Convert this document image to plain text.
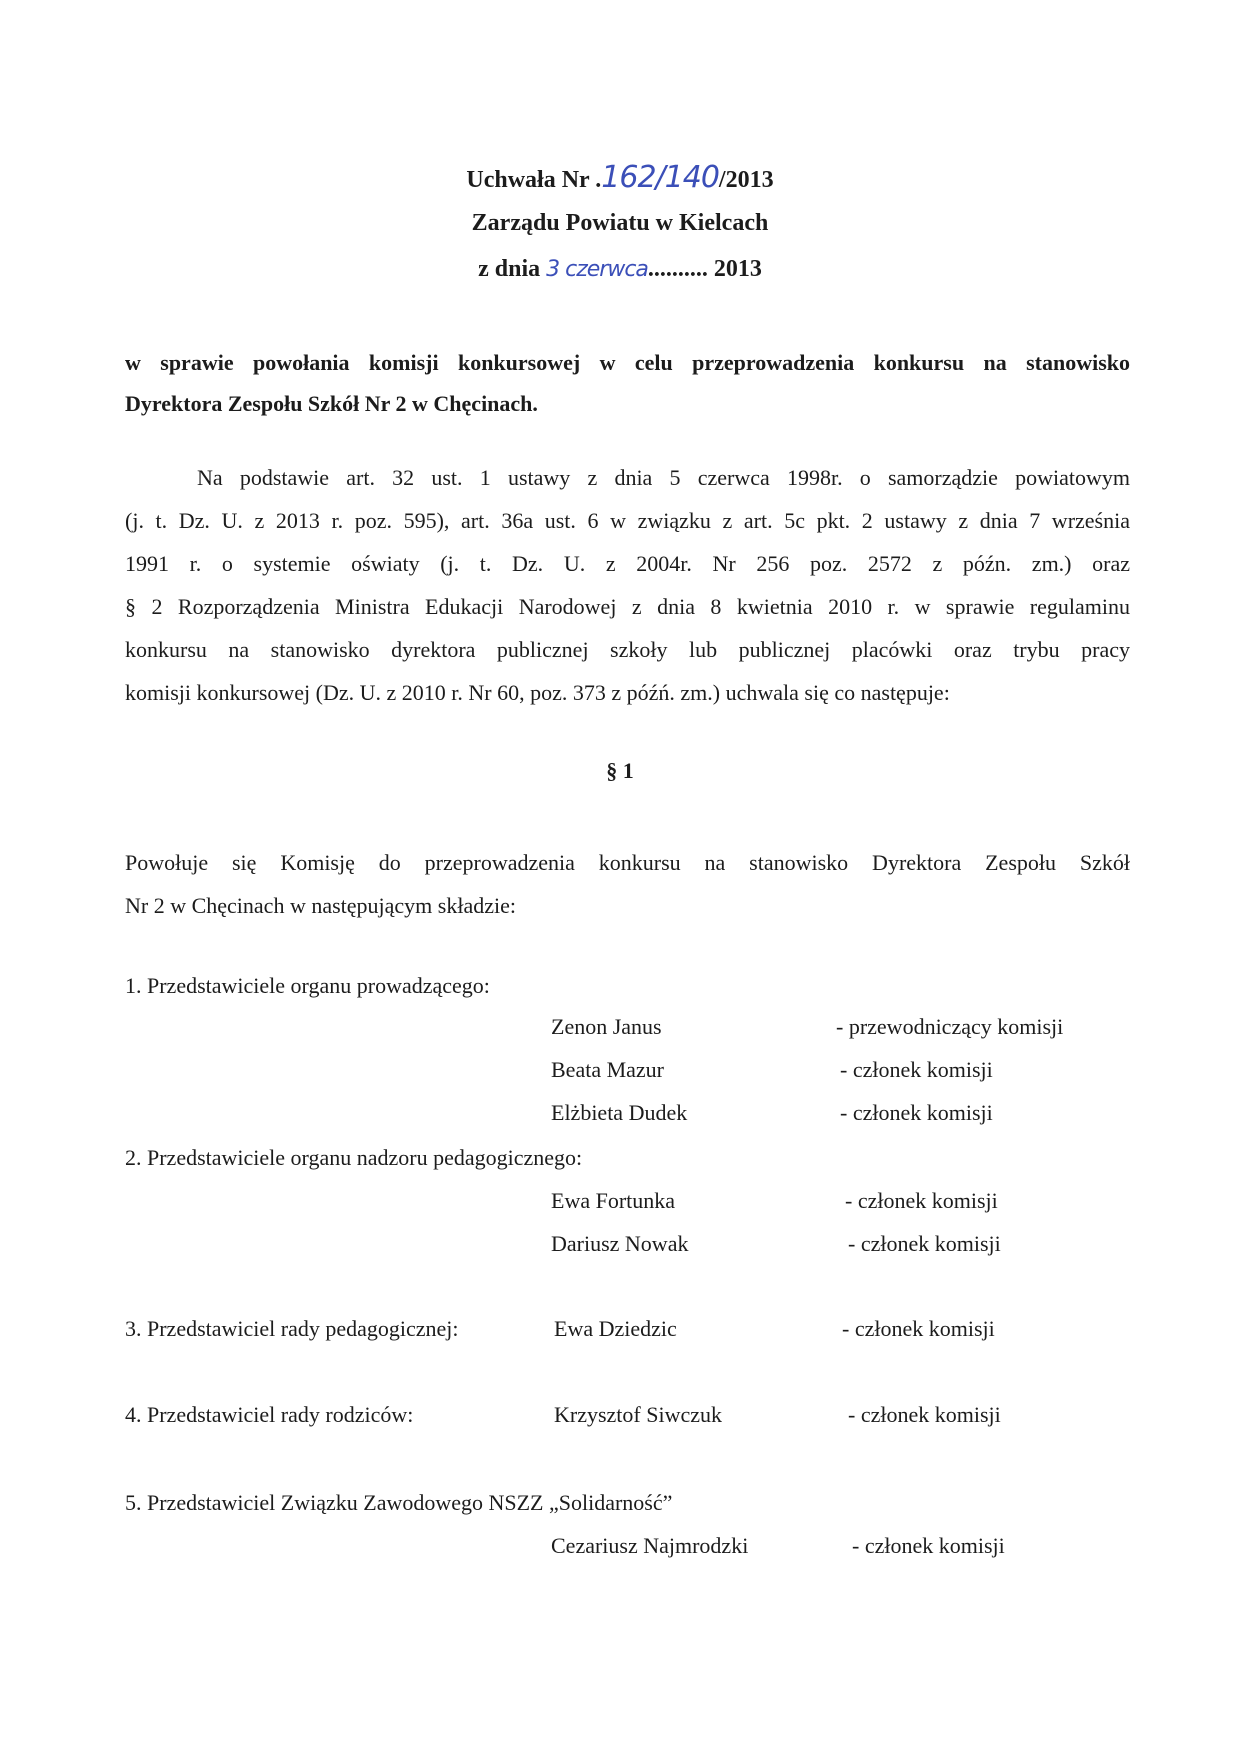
Uchwała Nr .162/140/2013
Zarządu Powiatu w Kielcach
z dnia 3 czerwca.......... 2013
w sprawie powołania komisji konkursowej w celu przeprowadzenia konkursu na stanowisko
Dyrektora Zespołu Szkół Nr 2 w Chęcinach.
Na podstawie art. 32 ust. 1 ustawy z dnia 5 czerwca 1998r. o samorządzie powiatowym
(j. t. Dz. U. z 2013 r. poz. 595), art. 36a ust. 6 w związku z art. 5c pkt. 2 ustawy z dnia 7 września
1991 r. o systemie oświaty (j. t. Dz. U. z 2004r. Nr 256 poz. 2572 z późn. zm.) oraz
§ 2 Rozporządzenia Ministra Edukacji Narodowej z dnia 8 kwietnia 2010 r. w sprawie regulaminu
konkursu na stanowisko dyrektora publicznej szkoły lub publicznej placówki oraz trybu pracy
komisji konkursowej (Dz. U. z 2010 r. Nr 60, poz. 373 z późń. zm.) uchwala się co następuje:
§ 1
Powołuje się Komisję do przeprowadzenia konkursu na stanowisko Dyrektora Zespołu Szkół
Nr 2 w Chęcinach w następującym składzie:
1. Przedstawiciele organu prowadzącego:
Zenon Janus	- przewodniczący komisji
Beata Mazur	- członek komisji
Elżbieta Dudek	- członek komisji
2. Przedstawiciele organu nadzoru pedagogicznego:
Ewa Fortunka	- członek komisji
Dariusz Nowak	- członek komisji
3. Przedstawiciel rady pedagogicznej:	Ewa Dziedzic	- członek komisji
4. Przedstawiciel rady rodziców:	Krzysztof Siwczuk	- członek komisji
5. Przedstawiciel Związku Zawodowego NSZZ „Solidarność”
Cezariusz Najmrodzki	- członek komisji
